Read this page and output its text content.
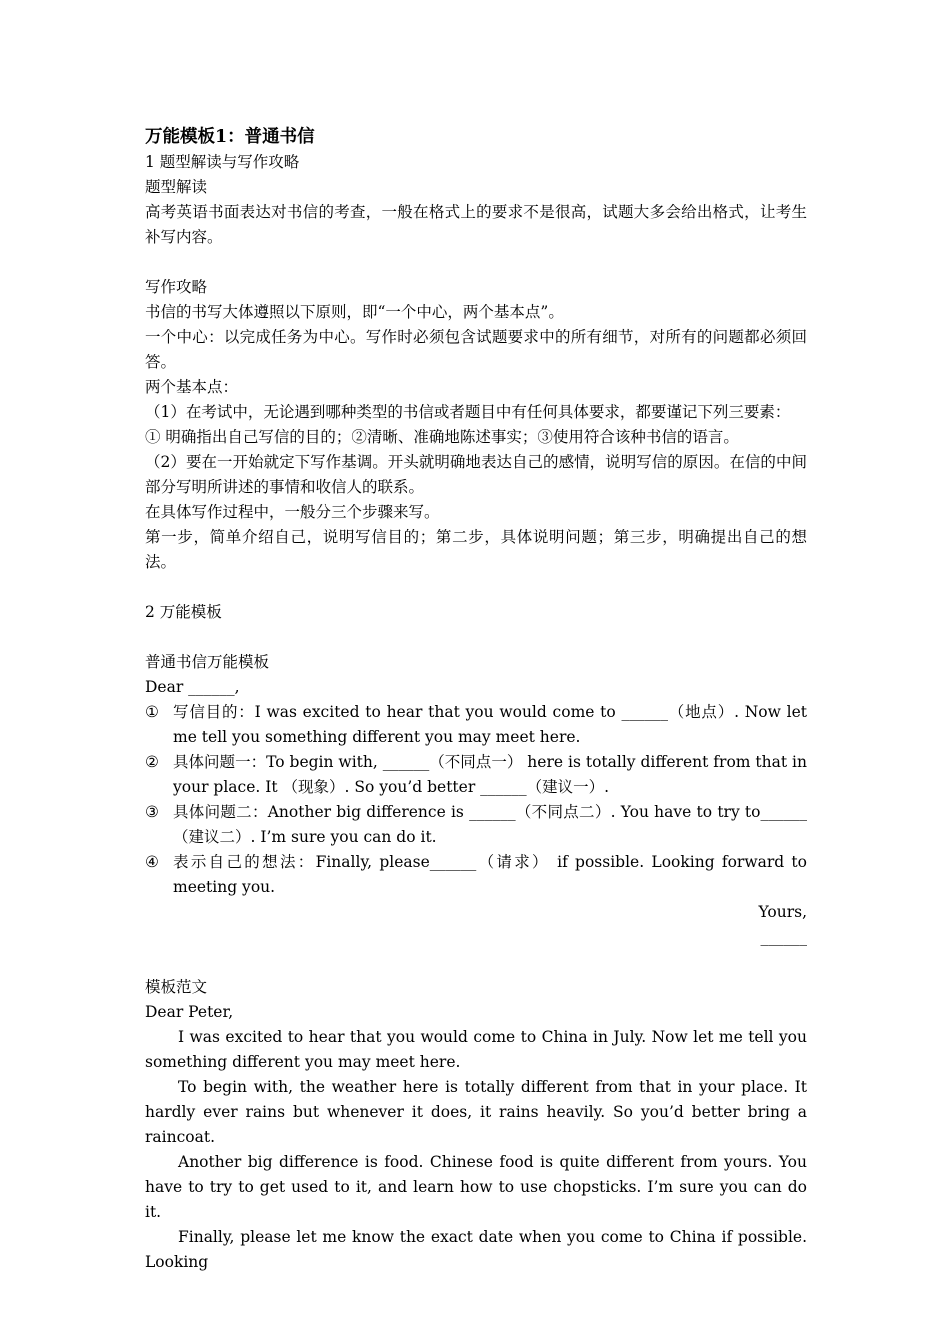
万能模板1：普通书信

1 题型解读与写作攻略

题型解读

高考英语书面表达对书信的考查，一般在格式上的要求不是很高，试题大多会给出格式，让考生补写内容。

写作攻略

书信的书写大体遵照以下原则，即“一个中心，两个基本点”。

一个中心：以完成任务为中心。写作时必须包含试题要求中的所有细节，对所有的问题都必须回答。

两个基本点：

（1）在考试中，无论遇到哪种类型的书信或者题目中有任何具体要求，都要谨记下列三要素：

① 明确指出自己写信的目的；②清晰、准确地陈述事实；③使用符合该种书信的语言。

（2）要在一开始就定下写作基调。开头就明确地表达自己的感情，说明写信的原因。在信的中间部分写明所讲述的事情和收信人的联系。

在具体写作过程中，一般分三个步骤来写。

第一步，简单介绍自己，说明写信目的；第二步，具体说明问题；第三步，明确提出自己的想法。

2 万能模板

普通书信万能模板

Dear ______,

① 写信目的：I was excited to hear that you would come to ______（地点）. Now let me tell you something different you may meet here.
② 具体问题一：To begin with, ______（不同点一） here is totally different from that in your place. It （现象）. So you’d better ______（建议一）.
③ 具体问题二：Another big difference is ______（不同点二）. You have to try to______（建议二）. I’m sure you can do it.
④ 表示自己的想法：Finally, please______（请求） if possible. Looking forward to meeting you.

Yours,

______

模板范文

Dear Peter,

I was excited to hear that you would come to China in July. Now let me tell you something different you may meet here.

To begin with, the weather here is totally different from that in your place. It hardly ever rains but whenever it does, it rains heavily. So you’d better bring a raincoat.

Another big difference is food. Chinese food is quite different from yours. You have to try to get used to it, and learn how to use chopsticks. I’m sure you can do it.

Finally, please let me know the exact date when you come to China if possible. Looking
